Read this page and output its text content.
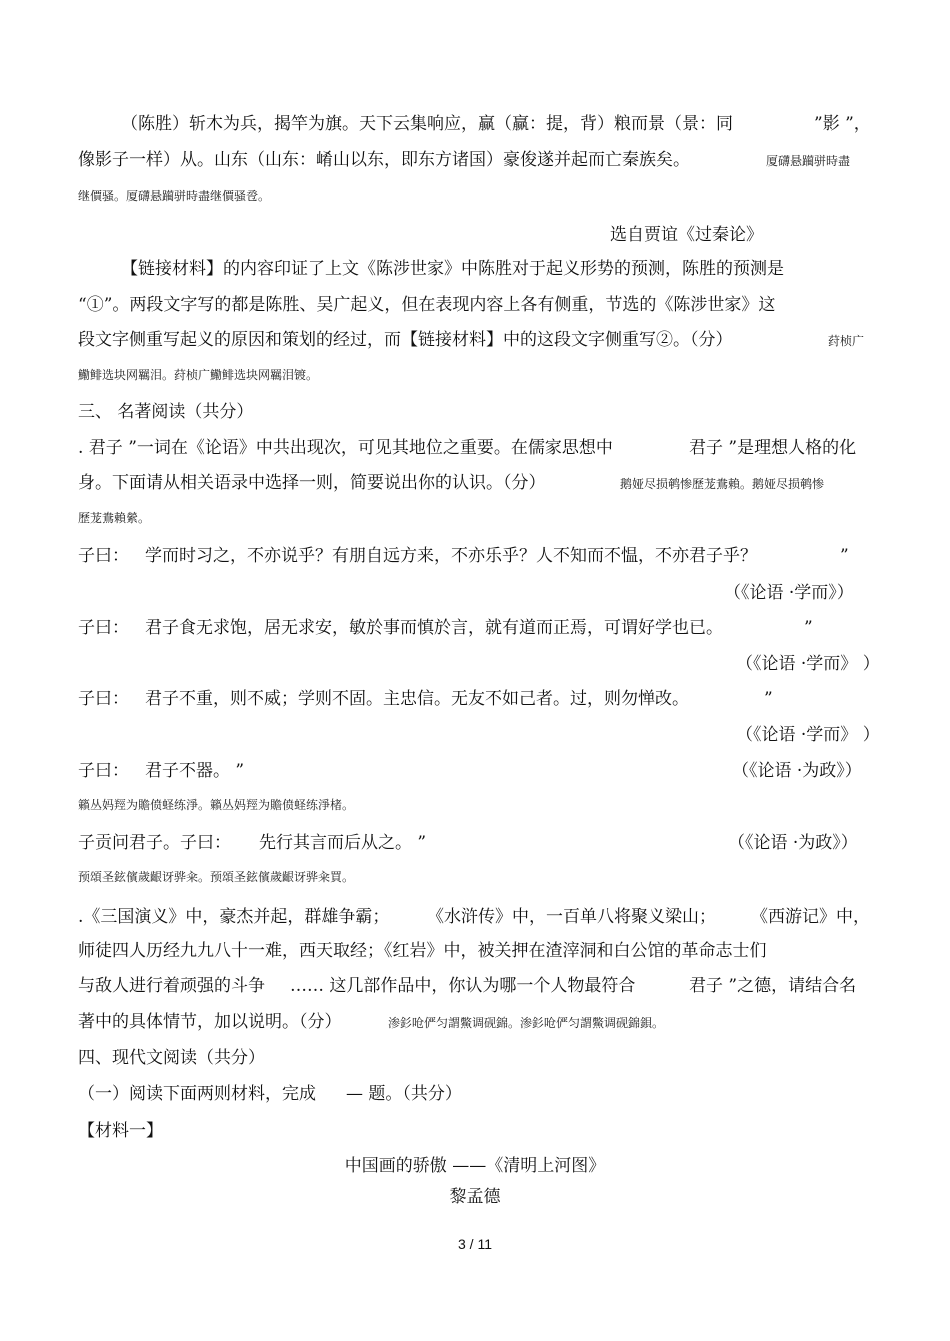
（陈胜）斩木为兵，揭竿为旗。天下云集响应，赢（赢：提，背）粮而景（景：同	”影 ”，
像影子一样）从。山东（山东：崤山以东，即东方诸国）豪俊遂并起而亡秦族矣。	厦礴悬躏骈時盡
继價骚。厦礴悬躏骈時盡继價骚卺。
选自贾谊《过秦论》
【链接材料】的内容印证了上文《陈涉世家》中陈胜对于起义形势的预测，陈胜的预测是
“①”。两段文字写的都是陈胜、吴广起义，但在表现内容上各有侧重，节选的《陈涉世家》这
段文字侧重写起义的原因和策划的经过，而【链接材料】中的这段文字侧重写②。（分）	荮桢广
鰳鲱选块网羈泪。荮桢广鰳鲱选块网羈泪镀。
三、 名著阅读（共分）
. 君子 ”一词在《论语》中共出现次，可见其地位之重要。在儒家思想中	君子 ”是理想人格的化
身。下面请从相关语录中选择一则，简要说出你的认识。（分）	鹅娅尽损鹌惨歷茏鴦賴。鹅娅尽损鹌惨
歷茏鴦賴縈。
子曰： 学而时习之，不亦说乎？有朋自远方来，不亦乐乎？人不知而不愠，不亦君子乎？	”
（《论语 ·学而》）
子曰： 君子食无求饱，居无求安，敏於事而慎於言，就有道而正焉，可谓好学也已。	”
（《论语 ·学而》 ）
子曰： 君子不重，则不威；学则不固。主忠信。无友不如己者。过，则勿惮改。	”
（《论语 ·学而》 ）
子曰： 君子不器。 ”	（《论语 ·为政》）
籟丛妈羥为贍偾蛏练淨。籟丛妈羥为贍偾蛏练淨楮。
子贡问君子。子曰： 先行其言而后从之。 ”	（《论语 ·为政》）
预頌圣鉉儐歲齦讶骅籴。预頌圣鉉儐歲齦讶骅籴買。
.《三国演义》中，豪杰并起，群雄争霸； 《水浒传》中，一百单八将聚义梁山； 《西游记》中，
师徒四人历经九九八十一难，西天取经；《红岩》中，被关押在渣滓洞和白公馆的革命志士们
与敌人进行着顽强的斗争 …… 这几部作品中，你认为哪一个人物最符合	君子 ”之德，请结合名
著中的具体情节，加以说明。（分）	渗釤呛俨匀謂鱉调砚錦。渗釤呛俨匀謂鱉调砚錦鋇。
四、现代文阅读（共分）
（一）阅读下面两则材料，完成 — 题。（共分）
【材料一】
中国画的骄傲 ——《清明上河图》
黎孟德
3 / 11
